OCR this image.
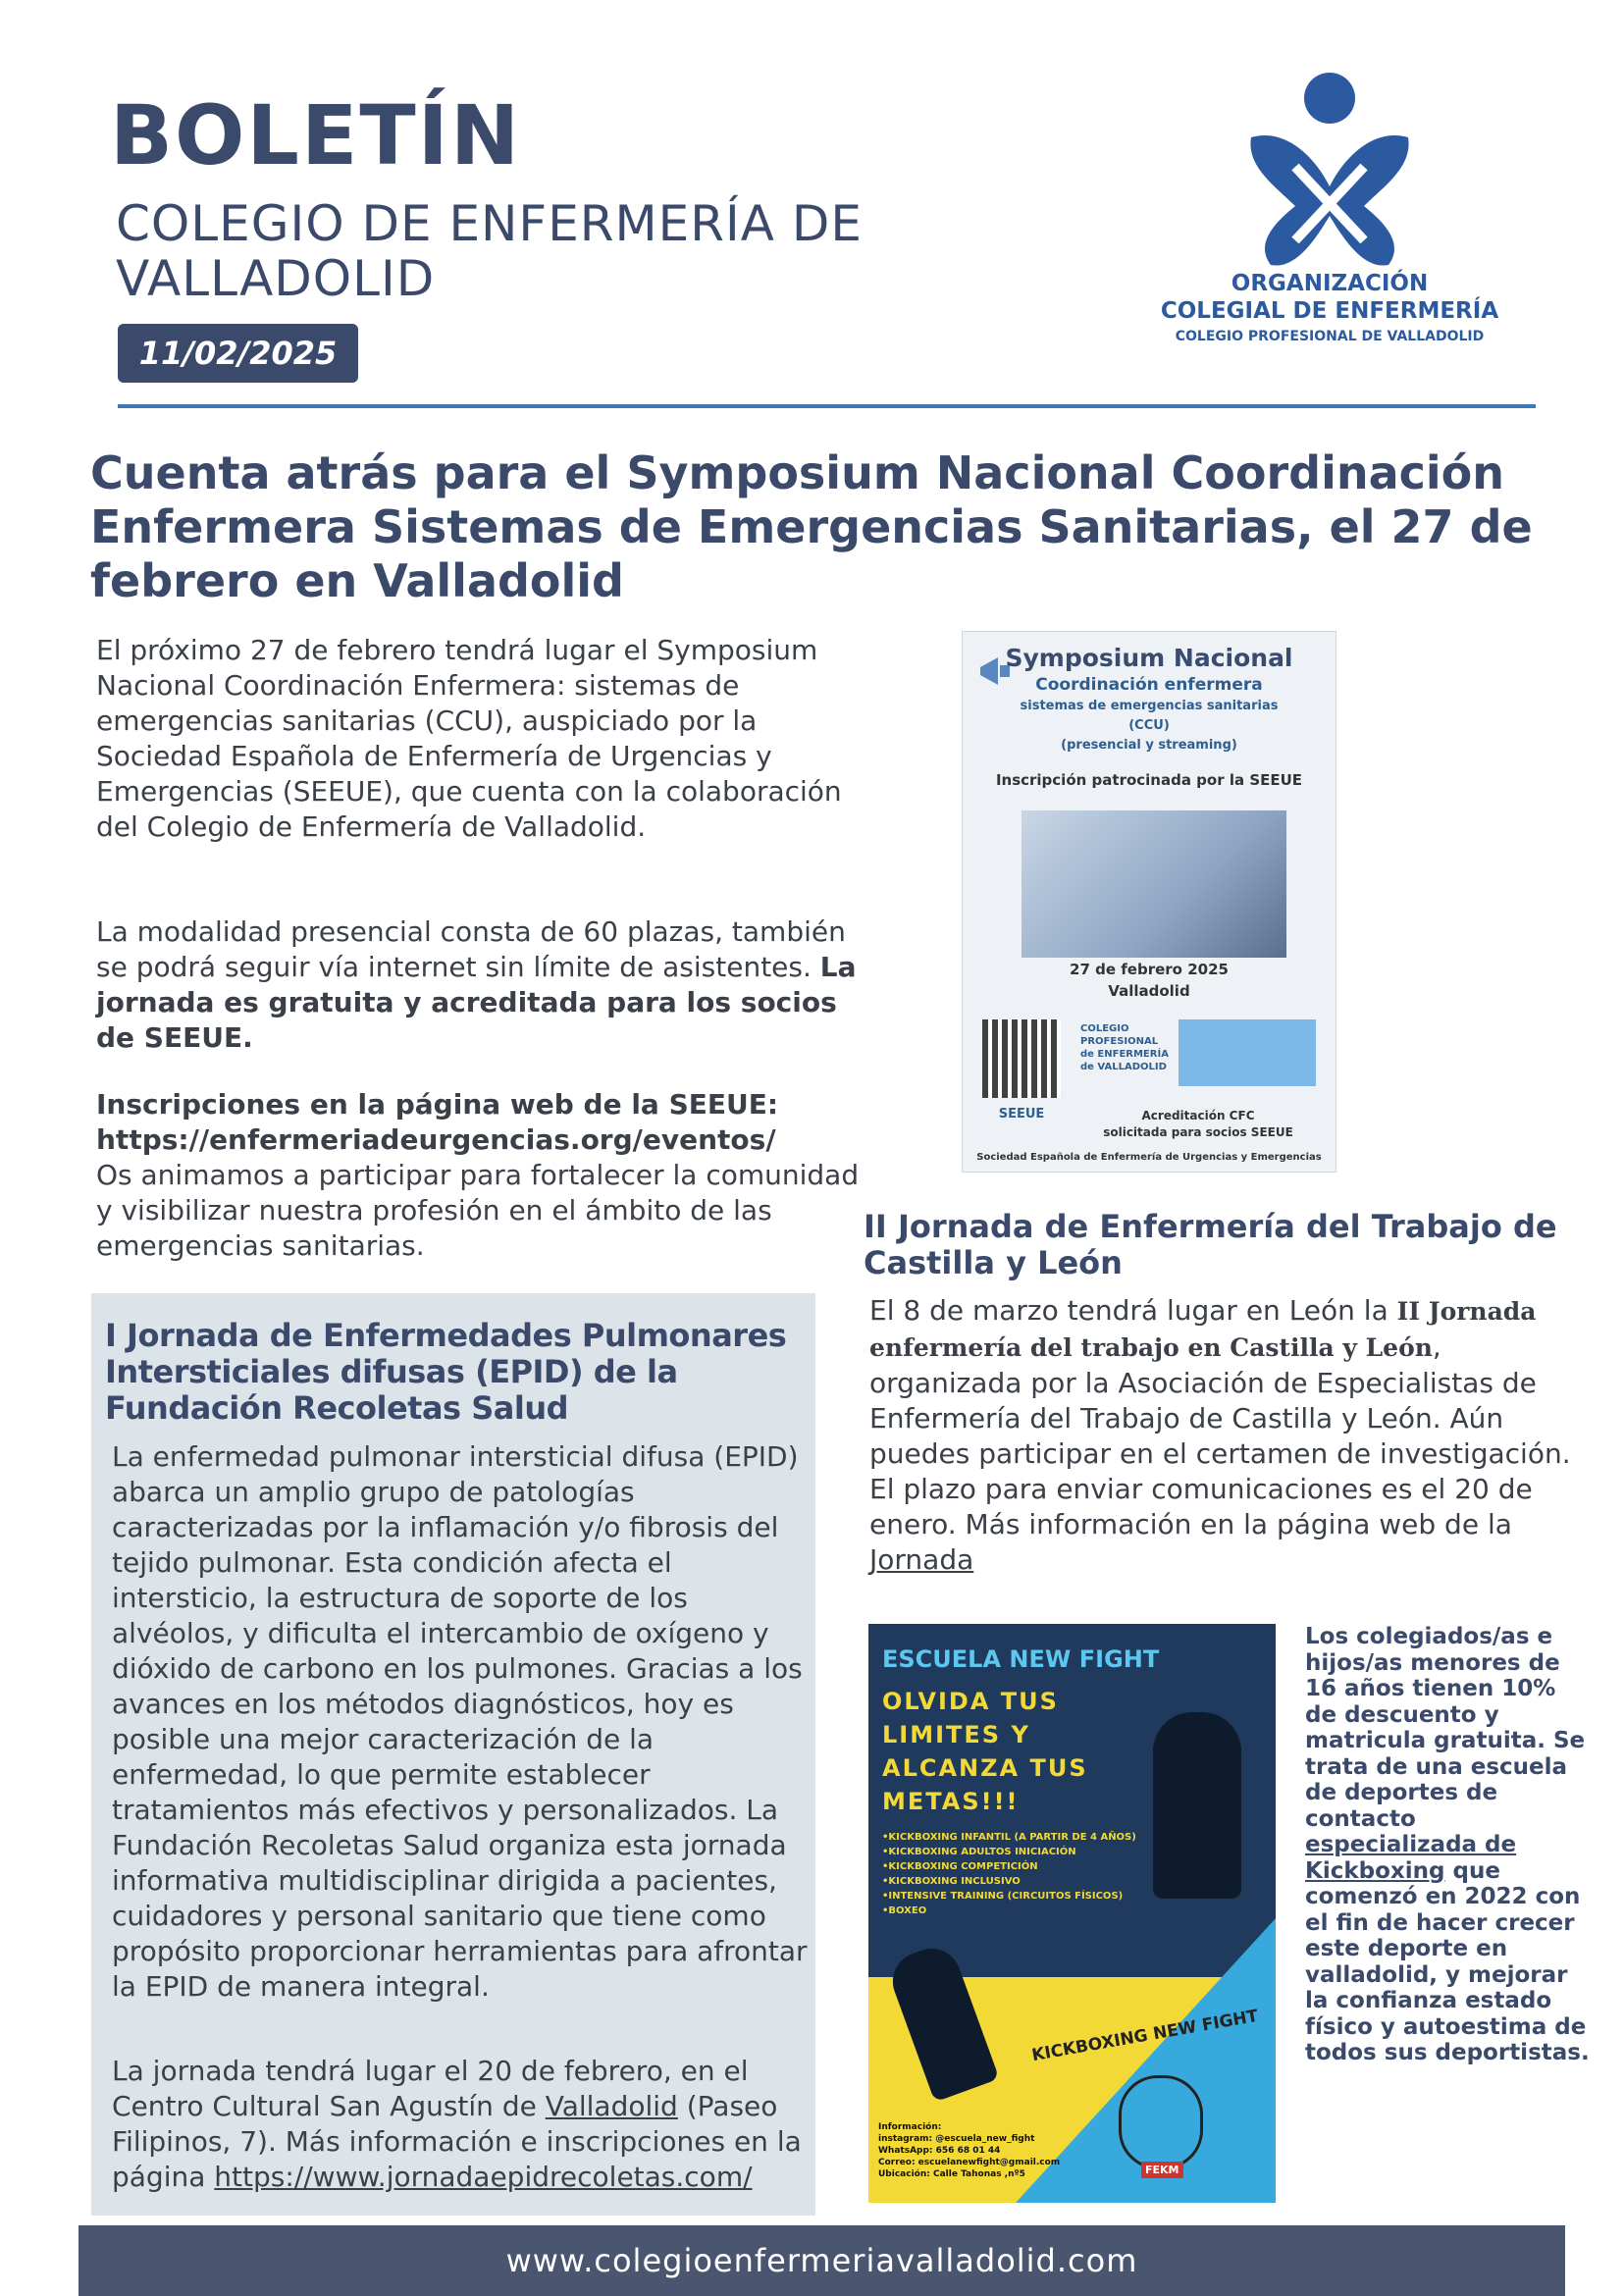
BOLETÍN
COLEGIO DE ENFERMERÍA DE VALLADOLID
11/02/2025
ORGANIZACIÓN
COLEGIAL DE ENFERMERÍA
COLEGIO PROFESIONAL DE VALLADOLID
Cuenta atrás para el Symposium Nacional Coordinación Enfermera Sistemas de Emergencias Sanitarias, el 27 de febrero en Valladolid
El próximo 27 de febrero tendrá lugar el Symposium Nacional Coordinación Enfermera: sistemas de emergencias sanitarias (CCU), auspiciado por la Sociedad Española de Enfermería de Urgencias y Emergencias (SEEUE), que cuenta con la colaboración del Colegio de Enfermería de Valladolid.
La modalidad presencial consta de 60 plazas, también se podrá seguir vía internet sin límite de asistentes. La jornada es gratuita y acreditada para los socios de SEEUE.
Inscripciones en la página web de la SEEUE:
https://enfermeriadeurgencias.org/eventos/
Os animamos a participar para fortalecer la comunidad y visibilizar nuestra profesión en el ámbito de las emergencias sanitarias.
Symposium Nacional
Coordinación enfermera
sistemas de emergencias sanitarias
(CCU)
(presencial y streaming)
Inscripción patrocinada por la SEEUE
27 de febrero 2025
Valladolid
COLEGIO PROFESIONAL de ENFERMERÍA de VALLADOLID
SEEUE	Acreditación CFC
solicitada para socios SEEUE
Sociedad Española de Enfermería de Urgencias y Emergencias
I Jornada de Enfermedades Pulmonares Intersticiales difusas (EPID) de la Fundación Recoletas Salud
La enfermedad pulmonar intersticial difusa (EPID) abarca un amplio grupo de patologías caracterizadas por la inflamación y/o fibrosis del tejido pulmonar. Esta condición afecta el intersticio, la estructura de soporte de los alvéolos, y dificulta el intercambio de oxígeno y dióxido de carbono en los pulmones. Gracias a los avances en los métodos diagnósticos, hoy es posible una mejor caracterización de la enfermedad, lo que permite establecer tratamientos más efectivos y personalizados. La Fundación Recoletas Salud organiza esta jornada informativa multidisciplinar dirigida a pacientes, cuidadores y personal sanitario que tiene como propósito proporcionar herramientas para afrontar la EPID de manera integral.
La jornada tendrá lugar el 20 de febrero, en el Centro Cultural San Agustín de Valladolid (Paseo Filipinos, 7). Más información e inscripciones en la página https://www.jornadaepidrecoletas.com/
II Jornada de Enfermería del Trabajo de Castilla y León
El 8 de marzo tendrá lugar en León la II Jornada enfermería del trabajo en Castilla y León, organizada por la Asociación de Especialistas de Enfermería del Trabajo de Castilla y León. Aún puedes participar en el certamen de investigación. El plazo para enviar comunicaciones es el 20 de enero. Más información en la página web de la Jornada
ESCUELA NEW FIGHT
OLVIDA TUS LIMITES Y ALCANZA TUS METAS!!!
•KICKBOXING INFANTIL (A PARTIR DE 4 AÑOS)
•KICKBOXING ADULTOS INICIACIÓN
•KICKBOXING COMPETICIÓN
•KICKBOXING INCLUSIVO
•INTENSIVE TRAINING (CIRCUITOS FÍSICOS)
•BOXEO
KICKBOXING NEW FIGHT
Información:
instagram: @escuela_new_fight
WhatsApp: 656 68 01 44
Correo: escuelanewfight@gmail.com
Ubicación: Calle Tahonas ,nº5	FEKM
Los colegiados/as e hijos/as menores de 16 años tienen 10% de descuento y matricula gratuita. Se trata de una escuela de deportes de contacto especializada de Kickboxing que comenzó en 2022 con el fin de hacer crecer este deporte en valladolid, y mejorar la confianza estado físico y autoestima de todos sus deportistas.
www.colegioenfermeriavalladolid.com
